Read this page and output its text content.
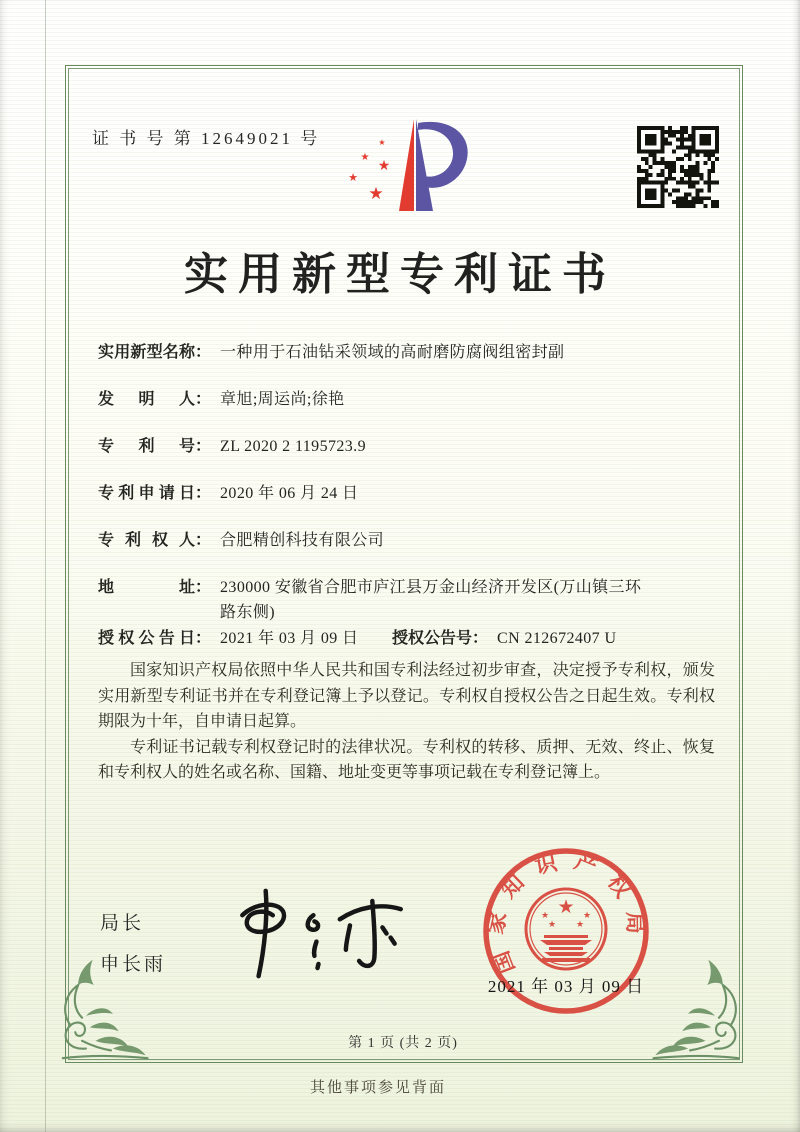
证 书 号 第 12649021 号	★
★
★
★
★
实用新型专利证书
实用新型名称 ： 一种用于石油钻采领域的高耐磨防腐阀组密封副
发明人 ： 章旭;周运尚;徐艳
专利号 ： ZL 2020 2 1195723.9
专利申请日 ： 2020 年 06 月 24 日
专利权人 ： 合肥精创科技有限公司
地址 ： 230000 安徽省合肥市庐江县万金山经济开发区(万山镇三环路东侧)
授权公告日 ： 2021 年 03 月 09 日	授权公告号 ： CN 212672407 U

国家知识产权局依照中华人民共和国专利法经过初步审查，决定授予专利权，颁发实用新型专利证书并在专利登记簿上予以登记。专利权自授权公告之日起生效。专利权期限为十年，自申请日起算。

专利证书记载专利权登记时的法律状况。专利权的转移、质押、无效、终止、恢复和专利权人的姓名或名称、国籍、地址变更等事项记载在专利登记簿上。

局长
申长雨	国家知识产权局
★
★	★
★ ★
2021 年 03 月 09 日
第 1 页 (共 2 页)
其他事项参见背面
